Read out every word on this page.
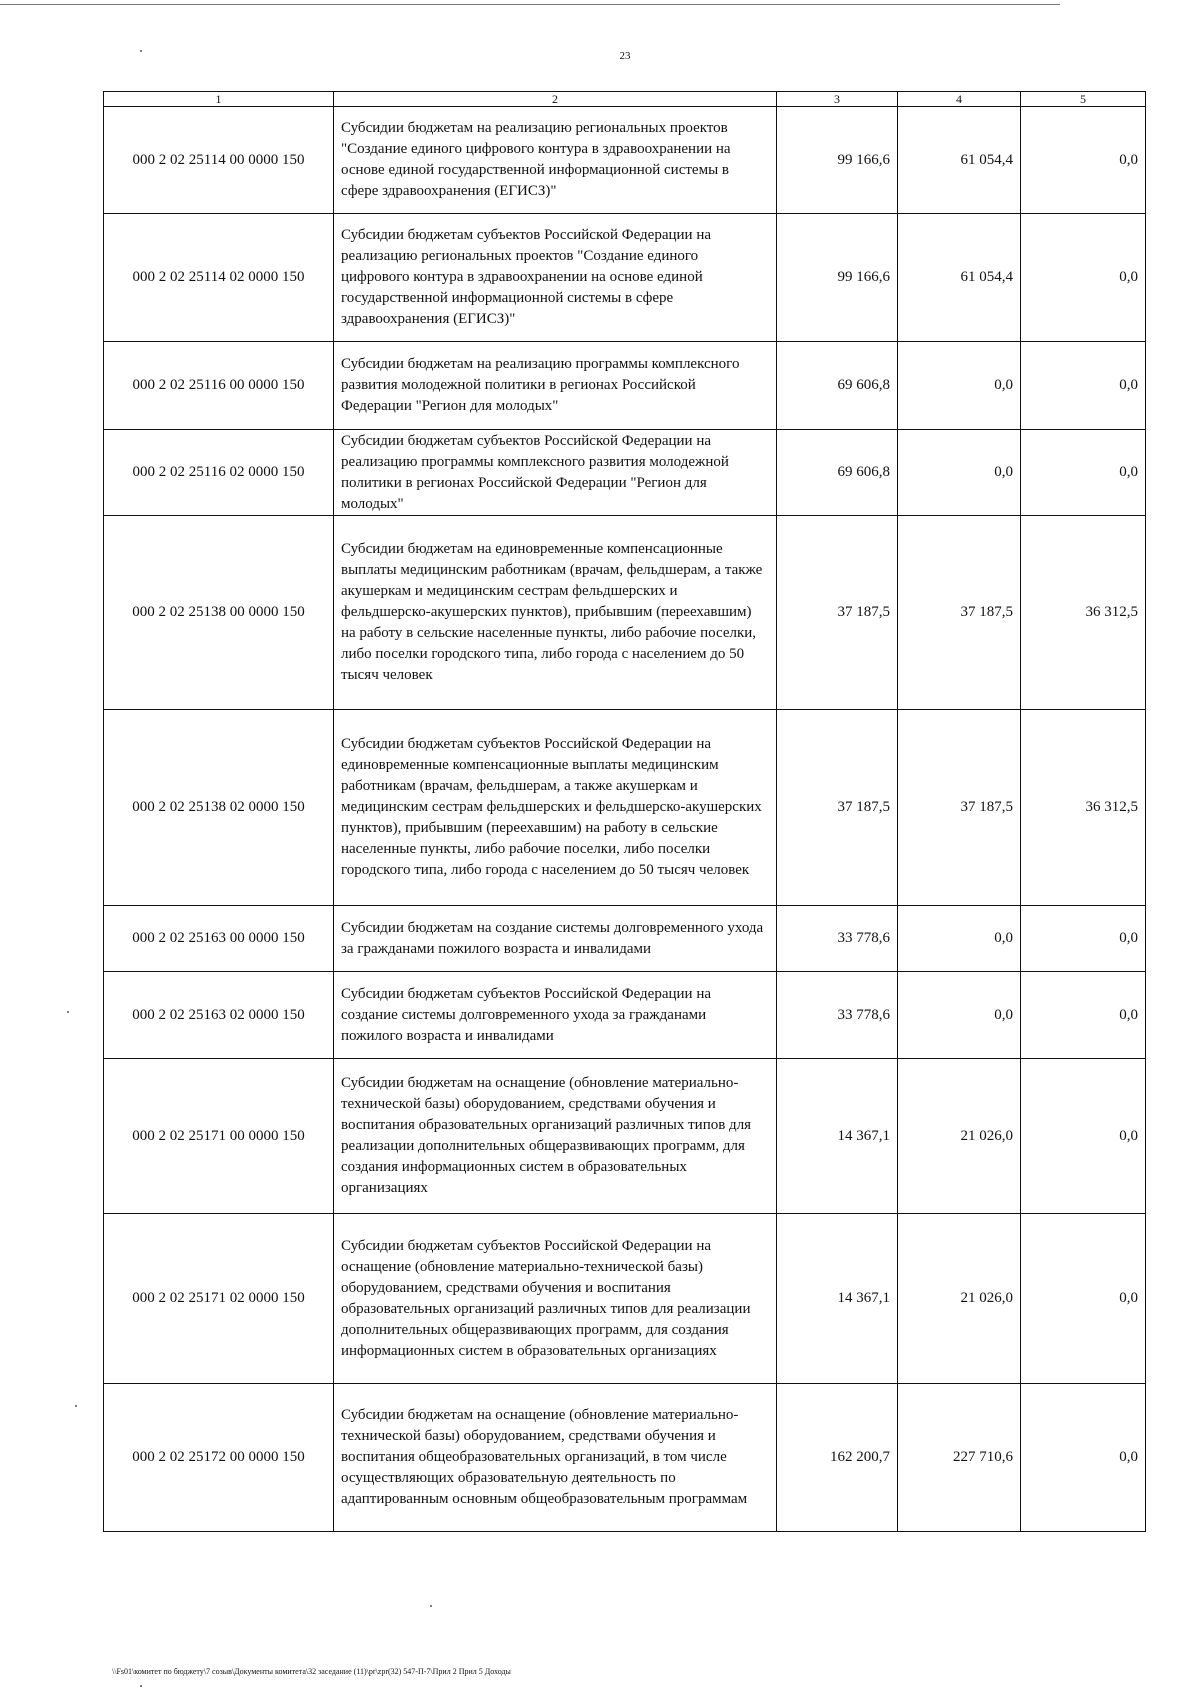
23
1	2	3	4	5
000 2 02 25114 00 0000 150	Субсидии бюджетам на реализацию региональных проектов "Создание единого цифрового контура в здравоохранении на основе единой государственной информационной системы в сфере здравоохранения (ЕГИСЗ)"	99 166,6	61 054,4	0,0
000 2 02 25114 02 0000 150	Субсидии бюджетам субъектов Российской Федерации на реализацию региональных проектов "Создание единого цифрового контура в здравоохранении на основе единой государственной информационной системы в сфере здравоохранения (ЕГИСЗ)"	99 166,6	61 054,4	0,0
000 2 02 25116 00 0000 150	Субсидии бюджетам на реализацию программы комплексного развития молодежной политики в регионах Российской Федерации "Регион для молодых"	69 606,8	0,0	0,0
000 2 02 25116 02 0000 150	Субсидии бюджетам субъектов Российской Федерации на реализацию программы комплексного развития молодежной политики в регионах Российской Федерации "Регион для молодых"	69 606,8	0,0	0,0
000 2 02 25138 00 0000 150	Субсидии бюджетам на единовременные компенсационные выплаты медицинским работникам (врачам, фельдшерам, а также акушеркам и медицинским сестрам фельдшерских и фельдшерско-акушерских пунктов), прибывшим (переехавшим) на работу в сельские населенные пункты, либо рабочие поселки, либо поселки городского типа, либо города с населением до 50 тысяч человек	37 187,5	37 187,5	36 312,5
000 2 02 25138 02 0000 150	Субсидии бюджетам субъектов Российской Федерации на единовременные компенсационные выплаты медицинским работникам (врачам, фельдшерам, а также акушеркам и медицинским сестрам фельдшерских и фельдшерско-акушерских пунктов), прибывшим (переехавшим) на работу в сельские населенные пункты, либо рабочие поселки, либо поселки городского типа, либо города с населением до 50 тысяч человек	37 187,5	37 187,5	36 312,5
000 2 02 25163 00 0000 150	Субсидии бюджетам на создание системы долговременного ухода за гражданами пожилого возраста и инвалидами	33 778,6	0,0	0,0
000 2 02 25163 02 0000 150	Субсидии бюджетам субъектов Российской Федерации на создание системы долговременного ухода за гражданами пожилого возраста и инвалидами	33 778,6	0,0	0,0
000 2 02 25171 00 0000 150	Субсидии бюджетам на оснащение (обновление материально-технической базы) оборудованием, средствами обучения и воспитания образовательных организаций различных типов для реализации дополнительных общеразвивающих программ, для создания информационных систем в образовательных организациях	14 367,1	21 026,0	0,0
000 2 02 25171 02 0000 150	Субсидии бюджетам субъектов Российской Федерации на оснащение (обновление материально-технической базы) оборудованием, средствами обучения и воспитания образовательных организаций различных типов для реализации дополнительных общеразвивающих программ, для создания информационных систем в образовательных организациях	14 367,1	21 026,0	0,0
000 2 02 25172 00 0000 150	Субсидии бюджетам на оснащение (обновление материально-технической базы) оборудованием, средствами обучения и воспитания общеобразовательных организаций, в том числе осуществляющих образовательную деятельность по адаптированным основным общеобразовательным программам	162 200,7	227 710,6	0,0
\\Fs01\комитет по бюджету\7 созыв\Документы комитета\32 заседание (11)\pr\zpr(32) 547-П-7\Прил 2 Прил 5 Доходы
